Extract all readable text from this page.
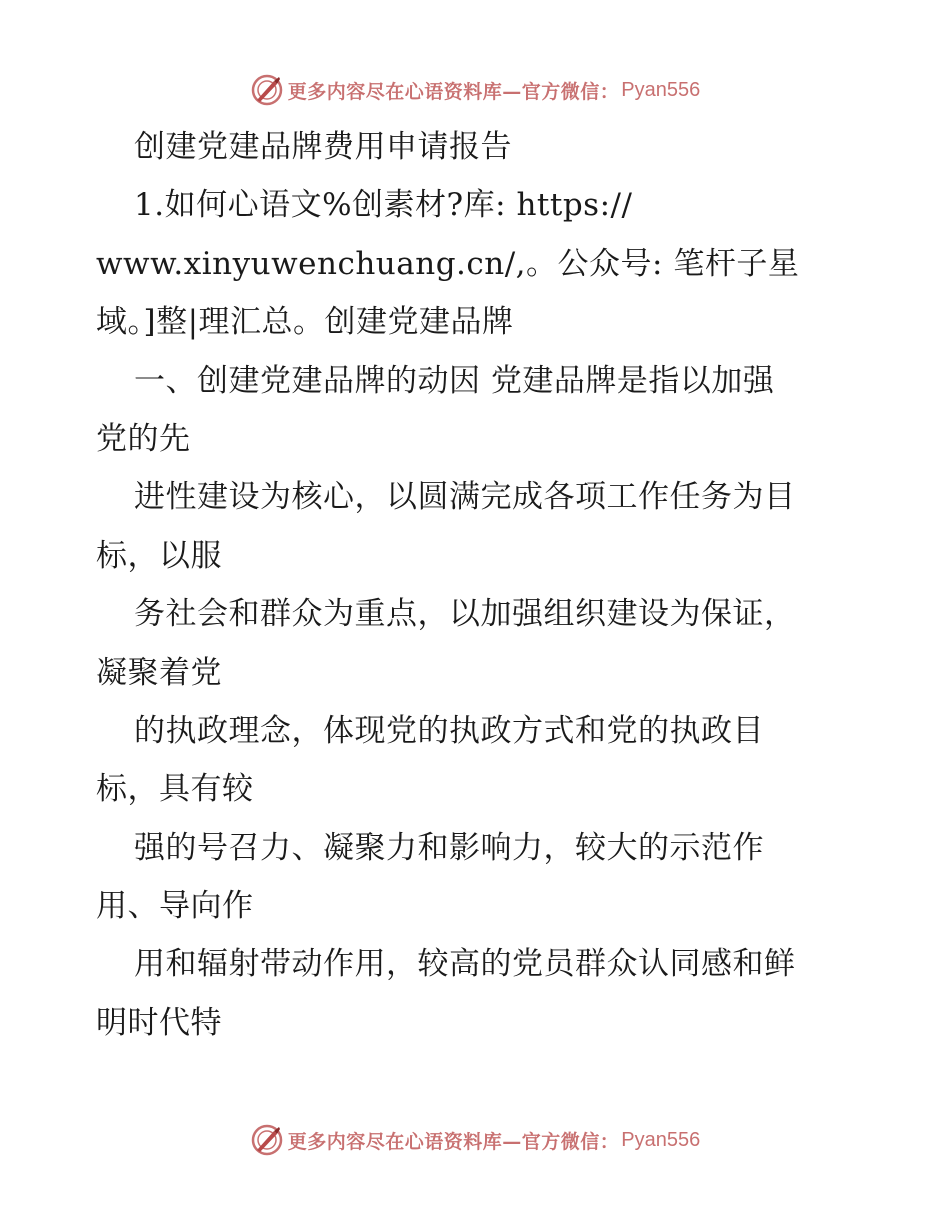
更多内容尽在心语资料库—官方微信： Pyan556
创建党建品牌费用申请报告
1.如何心语文%创素材?库: https://
www.xinyuwenchuang.cn/,。公众号: 笔杆子星
域。]整|理汇总。创建党建品牌
一、创建党建品牌的动因 党建品牌是指以加强
党的先
进性建设为核心，以圆满完成各项工作任务为目
标，以服
务社会和群众为重点，以加强组织建设为保证，
凝聚着党
的执政理念，体现党的执政方式和党的执政目
标，具有较
强的号召力、凝聚力和影响力，较大的示范作
用、导向作
用和辐射带动作用，较高的党员群众认同感和鲜
明时代特
更多内容尽在心语资料库—官方微信： Pyan556
